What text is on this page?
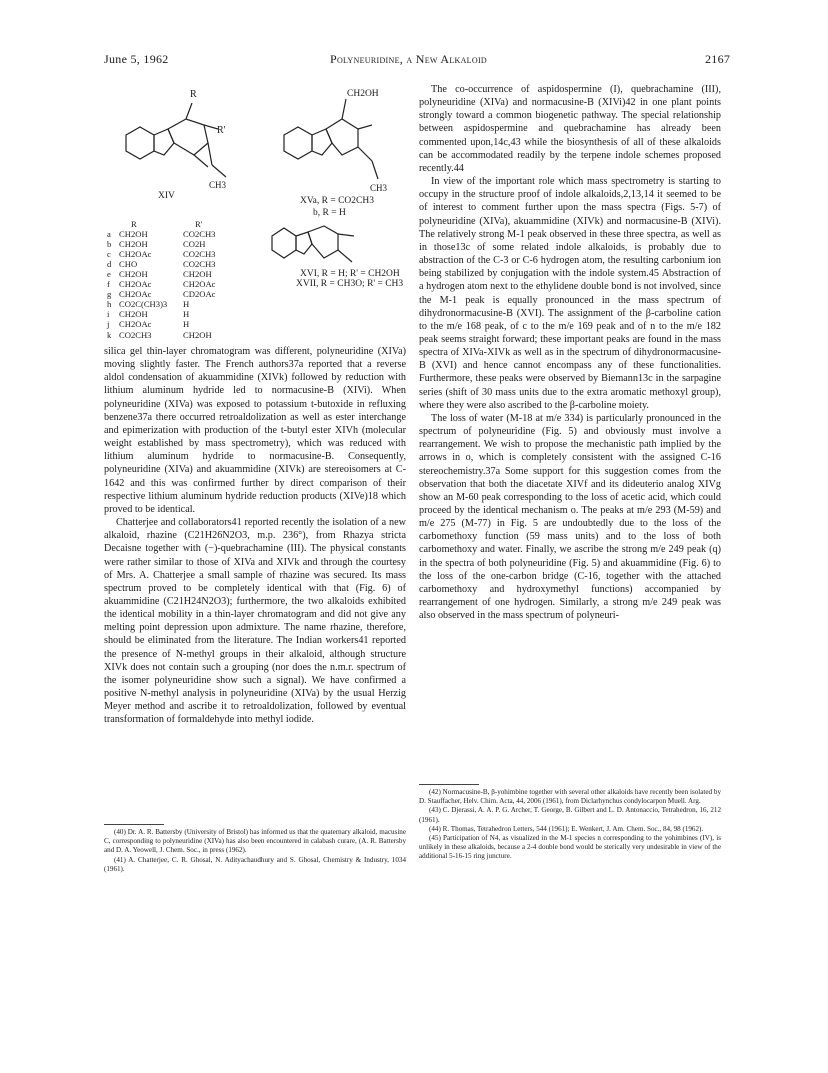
June 5, 1962	Polyneuridine, a New Alkaloid	2167
R
R'
XIV
CH3
CH2OH
CH3
XVa, R = CO2CH3
b, R = H
XVI, R = H; R' = CH2OH
XVII, R = CH3O; R' = CH3
R	R'
a CH2OH	CO2CH3
b CH2OH	CO2H
c CH2OAc	CO2CH3
d CHO	CO2CH3
e CH2OH	CH2OH
f	CH2OAc	CH2OAc
g CH2OAc	CD2OAc
h CO2C(CH3)3	H
i	CH2OH	H
j	CH2OAc	H
k CO2CH3	CH2OH

silica gel thin-layer chromatogram was different, polyneuridine (XIVa) moving slightly faster. The French authors37a reported that a reverse aldol condensation of akuammidine (XIVk) followed by reduction with lithium aluminum hydride led to normacusine-B (XIVi). When polyneuridine (XIVa) was exposed to potassium t-butoxide in refluxing benzene37a there occurred retroaldolization as well as ester interchange and epimerization with production of the t-butyl ester XIVh (molecular weight established by mass spectrometry), which was reduced with lithium aluminum hydride to normacusine-B. Consequently, polyneuridine (XIVa) and akuammidine (XIVk) are stereoisomers at C-1642 and this was confirmed further by direct comparison of their respective lithium aluminum hydride reduction products (XIVe)18 which proved to be identical.

Chatterjee and collaborators41 reported recently the isolation of a new alkaloid, rhazine (C21H26N2O3, m.p. 236°), from Rhazya stricta Decaisne together with (−)-quebrachamine (III). The physical constants were rather similar to those of XIVa and XIVk and through the courtesy of Mrs. A. Chatterjee a small sample of rhazine was secured. Its mass spectrum proved to be completely identical with that (Fig. 6) of akuammidine (C21H24N2O3); furthermore, the two alkaloids exhibited the identical mobility in a thin-layer chromatogram and did not give any melting point depression upon admixture. The name rhazine, therefore, should be eliminated from the literature. The Indian workers41 reported the presence of N-methyl groups in their alkaloid, although structure XIVk does not contain such a grouping (nor does the n.m.r. spectrum of the isomer polyneuridine show such a signal). We have confirmed a positive N-methyl analysis in polyneuridine (XIVa) by the usual Herzig Meyer method and ascribe it to retroaldolization, followed by eventual transformation of formaldehyde into methyl iodide.

(40) Dr. A. R. Battersby (University of Bristol) has informed us that the quaternary alkaloid, macusine C, corresponding to polyneuridine (XIVa) has also been encountered in calabash curare, (A. R. Battersby and D. A. Yeowell, J. Chem. Soc., in press (1962).

(41) A. Chatterjee, C. R. Ghosal, N. Adityachaudhury and S. Ghosal, Chemistry & Industry, 1034 (1961).

The co-occurrence of aspidospermine (I), quebrachamine (III), polyneuridine (XIVa) and normacusine-B (XIVi)42 in one plant points strongly toward a common biogenetic pathway. The special relationship between aspidospermine and quebrachamine has already been commented upon,14c,43 while the biosynthesis of all of these alkaloids can be accommodated readily by the terpene indole schemes proposed recently.44

In view of the important role which mass spectrometry is starting to occupy in the structure proof of indole alkaloids,2,13,14 it seemed to be of interest to comment further upon the mass spectra (Figs. 5-7) of polyneuridine (XIVa), akuammidine (XIVk) and normacusine-B (XIVi). The relatively strong M-1 peak observed in these three spectra, as well as in those13c of some related indole alkaloids, is probably due to abstraction of the C-3 or C-6 hydrogen atom, the resulting carbonium ion being stabilized by conjugation with the indole system.45 Abstraction of a hydrogen atom next to the ethylidene double bond is not involved, since the M-1 peak is equally pronounced in the mass spectrum of dihydronormacusine-B (XVI). The assignment of the β-carboline cation to the m/e 168 peak, of c to the m/e 169 peak and of n to the m/e 182 peak seems straight forward; these important peaks are found in the mass spectra of XIVa-XIVk as well as in the spectrum of dihydronormacusine-B (XVI) and hence cannot encompass any of these functionalities. Furthermore, these peaks were observed by Biemann13c in the sarpagine series (shift of 30 mass units due to the extra aromatic methoxyl group), where they were also ascribed to the β-carboline moiety.

The loss of water (M-18 at m/e 334) is particularly pronounced in the spectrum of polyneuridine (Fig. 5) and obviously must involve a rearrangement. We wish to propose the mechanistic path implied by the arrows in o, which is completely consistent with the assigned C-16 stereochemistry.37a Some support for this suggestion comes from the observation that both the diacetate XIVf and its dideuterio analog XIVg show an M-60 peak corresponding to the loss of acetic acid, which could proceed by the identical mechanism o. The peaks at m/e 293 (M-59) and m/e 275 (M-77) in Fig. 5 are undoubtedly due to the loss of the carbomethoxy function (59 mass units) and to the loss of both carbomethoxy and water. Finally, we ascribe the strong m/e 249 peak (q) in the spectra of both polyneuridine (Fig. 5) and akuammidine (Fig. 6) to the loss of the one-carbon bridge (C-16, together with the attached carbomethoxy and hydroxymethyl functions) accompanied by rearrangement of one hydrogen. Similarly, a strong m/e 249 peak was also observed in the mass spectrum of polyneuri-

(42) Normacusine-B, β-yohimbine together with several other alkaloids have recently been isolated by D. Stauffacher, Helv. Chim. Acta, 44, 2006 (1961), from Diclarhynchus condylocarpon Muell. Arg.

(43) C. Djerassi, A. A. P. G. Archer, T. George, B. Gilbert and L. D. Antonaccio, Tetrahedron, 16, 212 (1961).

(44) R. Thomas, Tetrahedron Letters, 544 (1961); E. Wenkert, J. Am. Chem. Soc., 84, 98 (1962).

(45) Participation of N4, as visualized in the M-1 species n corresponding to the yohimbines (IV), is unlikely in these alkaloids, because a 2-4 double bond would be sterically very undesirable in view of the additional 5-16-15 ring juncture.
